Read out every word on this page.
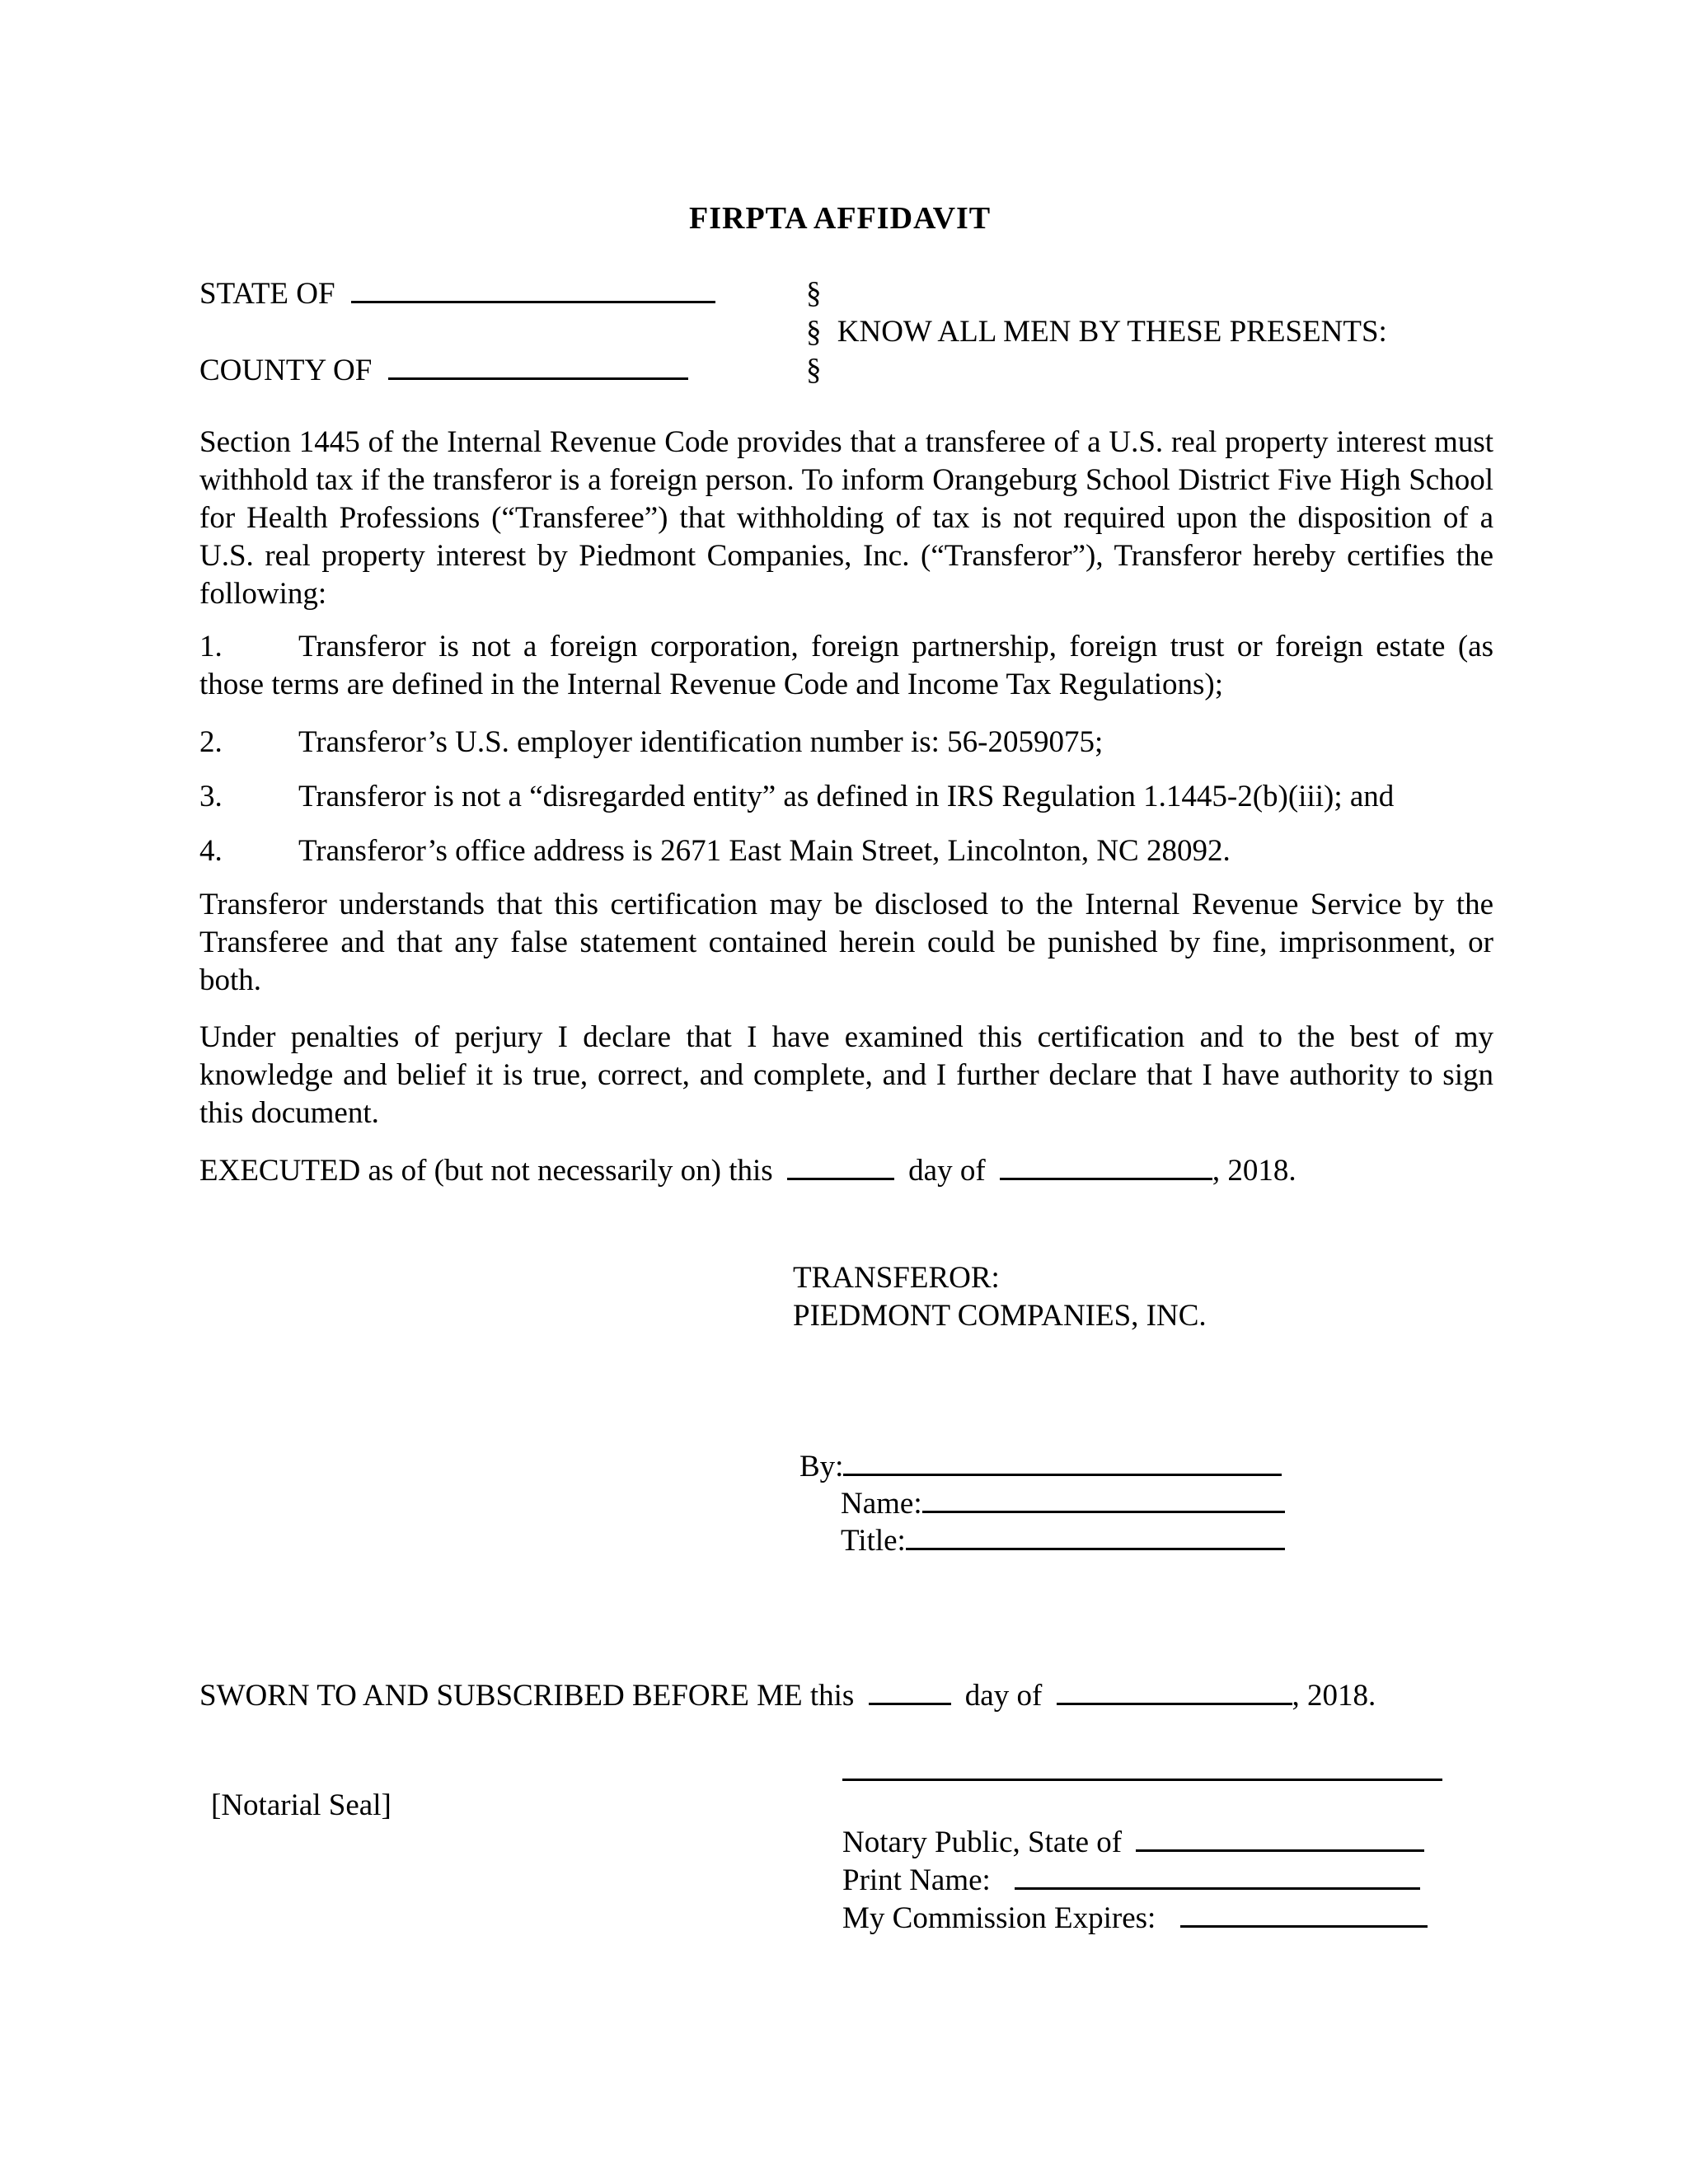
FIRPTA AFFIDAVIT
STATE OF
COUNTY OF
§
§ KNOW ALL MEN BY THESE PRESENTS:
§

Section 1445 of the Internal Revenue Code provides that a transferee of a U.S. real property interest must withhold tax if the transferor is a foreign person. To inform Orangeburg School District Five High School for Health Professions (“Transferee”) that withholding of tax is not required upon the disposition of a U.S. real property interest by Piedmont Companies, Inc. (“Transferor”), Transferor hereby certifies the following:

1. Transferor is not a foreign corporation, foreign partnership, foreign trust or foreign estate (as those terms are defined in the Internal Revenue Code and Income Tax Regulations);

2. Transferor’s U.S. employer identification number is: 56-2059075;

3. Transferor is not a “disregarded entity” as defined in IRS Regulation 1.1445-2(b)(iii); and

4. Transferor’s office address is 2671 East Main Street, Lincolnton, NC 28092.

Transferor understands that this certification may be disclosed to the Internal Revenue Service by the Transferee and that any false statement contained herein could be punished by fine, imprisonment, or both.

Under penalties of perjury I declare that I have examined this certification and to the best of my knowledge and belief it is true, correct, and complete, and I further declare that I have authority to sign this document.

EXECUTED as of (but not necessarily on) this	day of	, 2018.
TRANSFEROR:
PIEDMONT COMPANIES, INC.
By:
Name:
Title:
SWORN TO AND SUBSCRIBED BEFORE ME this	day of	, 2018.
[Notarial Seal]
Notary Public, State of
Print Name:
My Commission Expires:
